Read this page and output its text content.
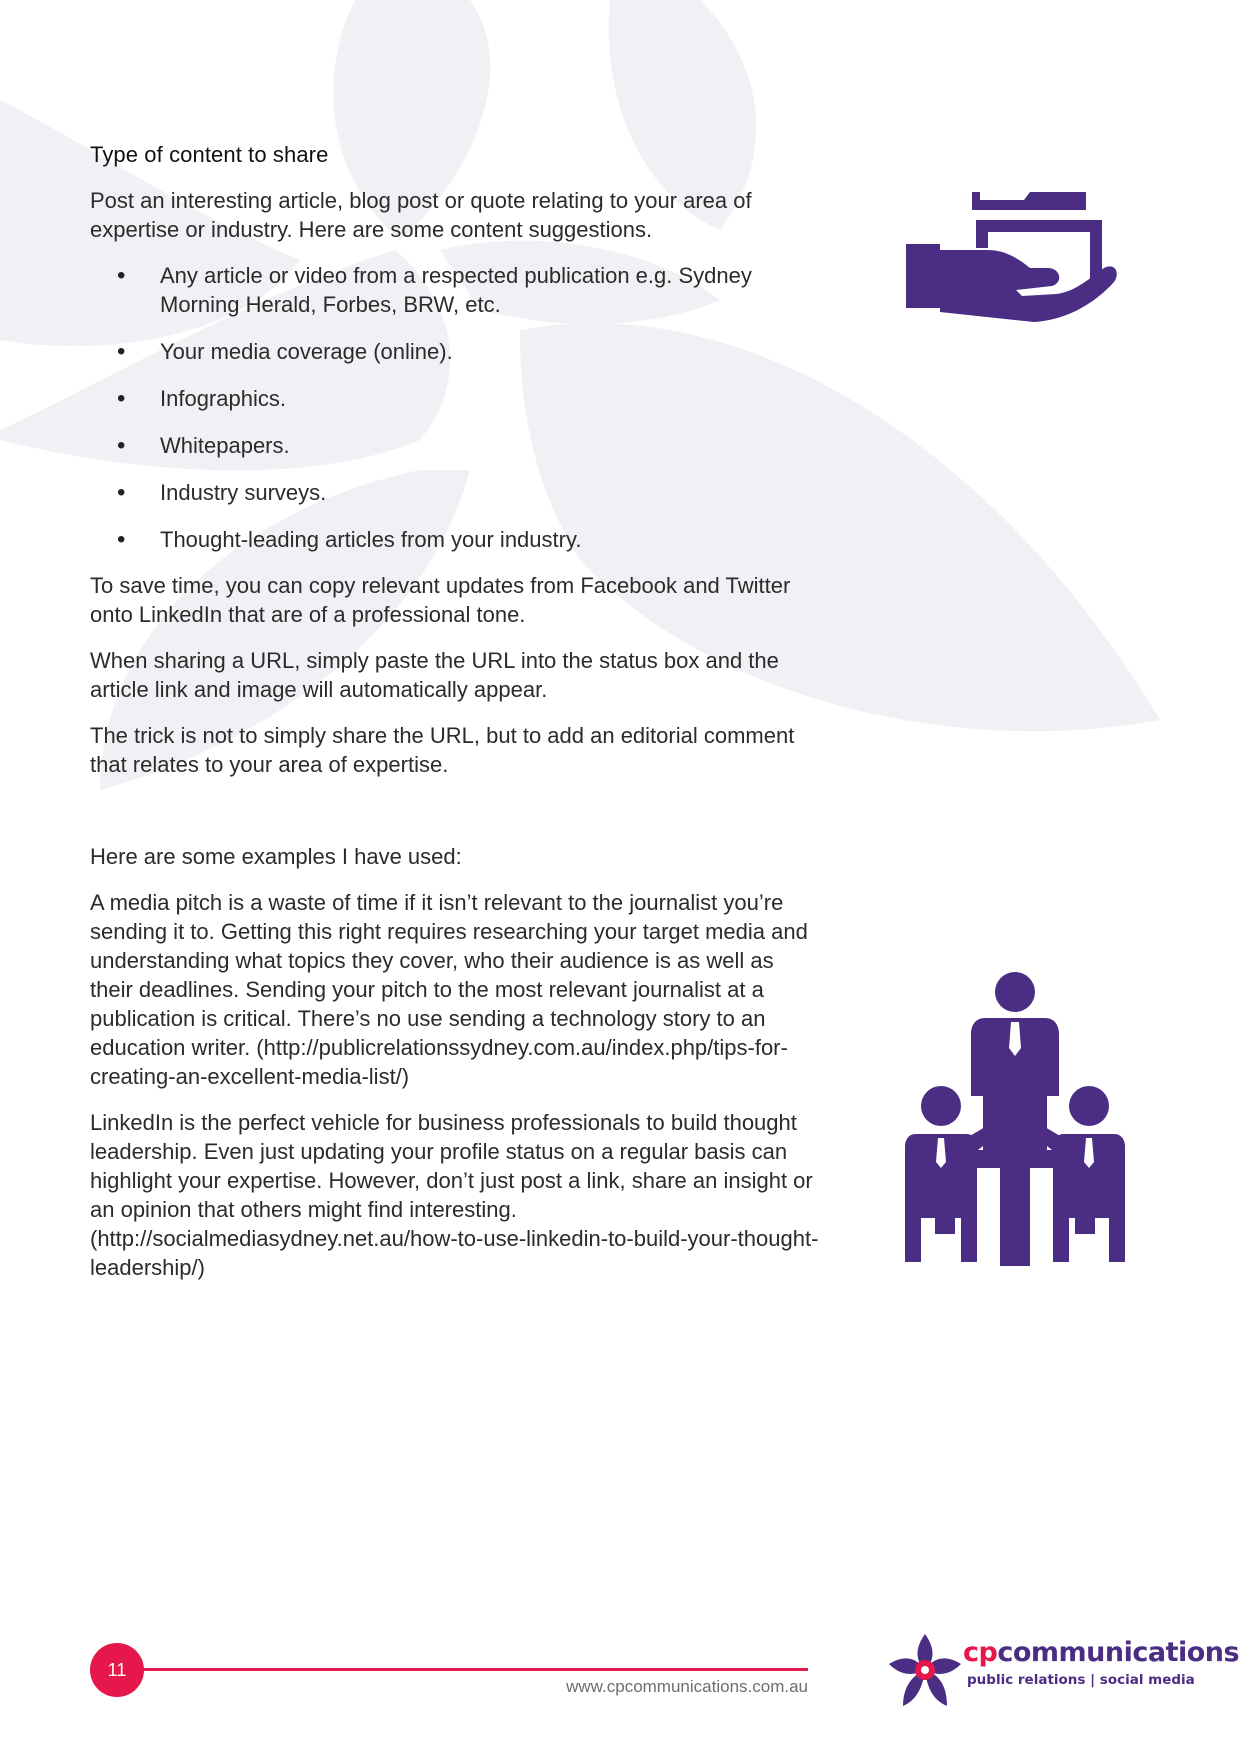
Type of content to share

Post an interesting article, blog post or quote relating to your area of expertise or industry. Here are some content suggestions.

• Any article or video from a respected publication e.g. Sydney Morning Herald, Forbes, BRW, etc.
• Your media coverage (online).
• Infographics.
• Whitepapers.
• Industry surveys.
• Thought-leading articles from your industry.

To save time, you can copy relevant updates from Facebook and Twitter onto LinkedIn that are of a professional tone.

When sharing a URL, simply paste the URL into the status box and the article link and image will automatically appear.

The trick is not to simply share the URL, but to add an editorial comment that relates to your area of expertise.

Here are some examples I have used:

A media pitch is a waste of time if it isn’t relevant to the journalist you’re sending it to. Getting this right requires researching your target media and understanding what topics they cover, who their audience is as well as their deadlines. Sending your pitch to the most relevant journalist at a publication is critical. There’s no use sending a technology story to an education writer. (http://publicrelationssydney.com.au/index.php/tips-for-creating-an-excellent-media-list/)

LinkedIn is the perfect vehicle for business professionals to build thought leadership. Even just updating your profile status on a regular basis can highlight your expertise. However, don’t just post a link, share an insight or an opinion that others might find interesting. (http://socialmediasydney.net.au/how-to-use-linkedin-to-build-your-thought-leadership/)

11
www.cpcommunications.com.au
cpcommunications
public relations | social media
